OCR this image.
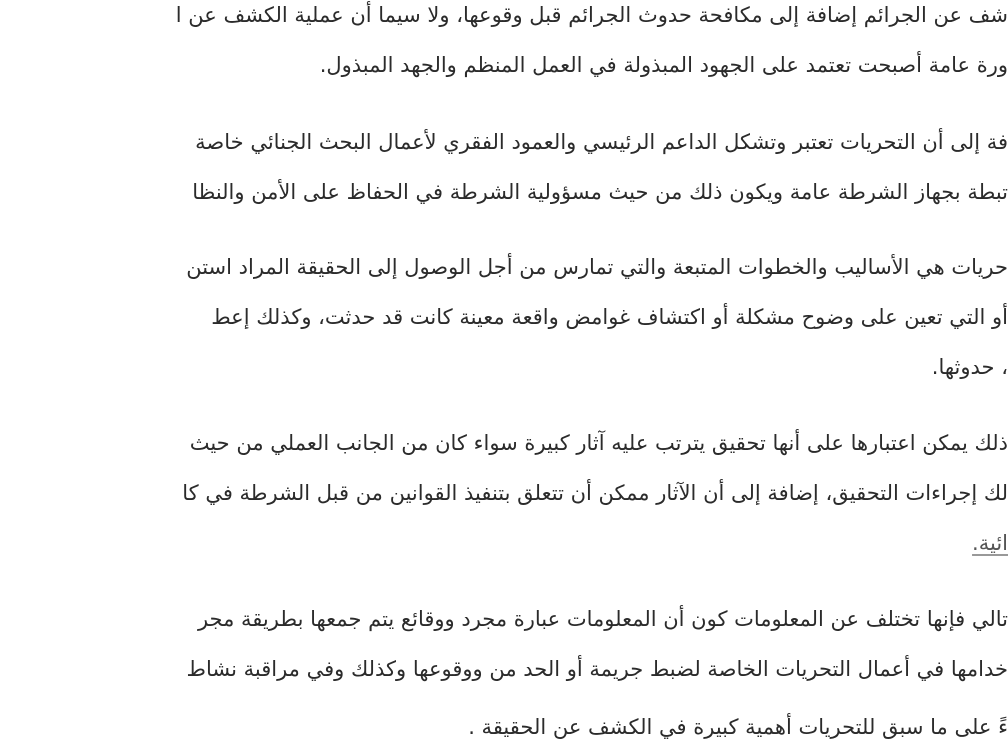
شف عن الجرائم إضافة إلى مكافحة حدوث الجرائم قبل وقوعها، ولا سيما أن عملية الكشف عن ا
ورة عامة أصبحت تعتمد على الجهود المبذولة في العمل المنظم والجهد المبذول.
فة إلى أن التحريات تعتبر وتشكل الداعم الرئيسي والعمود الفقري لأعمال البحث الجنائي خاصة
تبطة بجهاز الشرطة عامة ويكون ذلك من حيث مسؤولية الشرطة في الحفاظ على الأمن والنظا
حريات هي الأساليب والخطوات المتبعة والتي تمارس من أجل الوصول إلى الحقيقة المراد استن
أو التي تعين على وضوح مشكلة أو اكتشاف غوامض واقعة معينة كانت قد حدثت، وكذلك إعط
، حدوثها.
ذلك يمكن اعتبارها على أنها تحقيق يترتب عليه آثار كبيرة سواء كان من الجانب العملي من حيث
لك إجراءات التحقيق، إضافة إلى أن الآثار ممكن أن تتعلق بتنفيذ القوانين من قبل الشرطة في كا
ائية.
تالي فإنها تختلف عن المعلومات كون أن المعلومات عبارة مجرد ووقائع يتم جمعها بطريقة مجر
خدامها في أعمال التحريات الخاصة لضبط جريمة أو الحد من ووقوعها وكذلك وفي مراقبة نشاط
ءً على ما سبق للتحريات أهمية كبيرة في الكشف عن الحقيقة .
